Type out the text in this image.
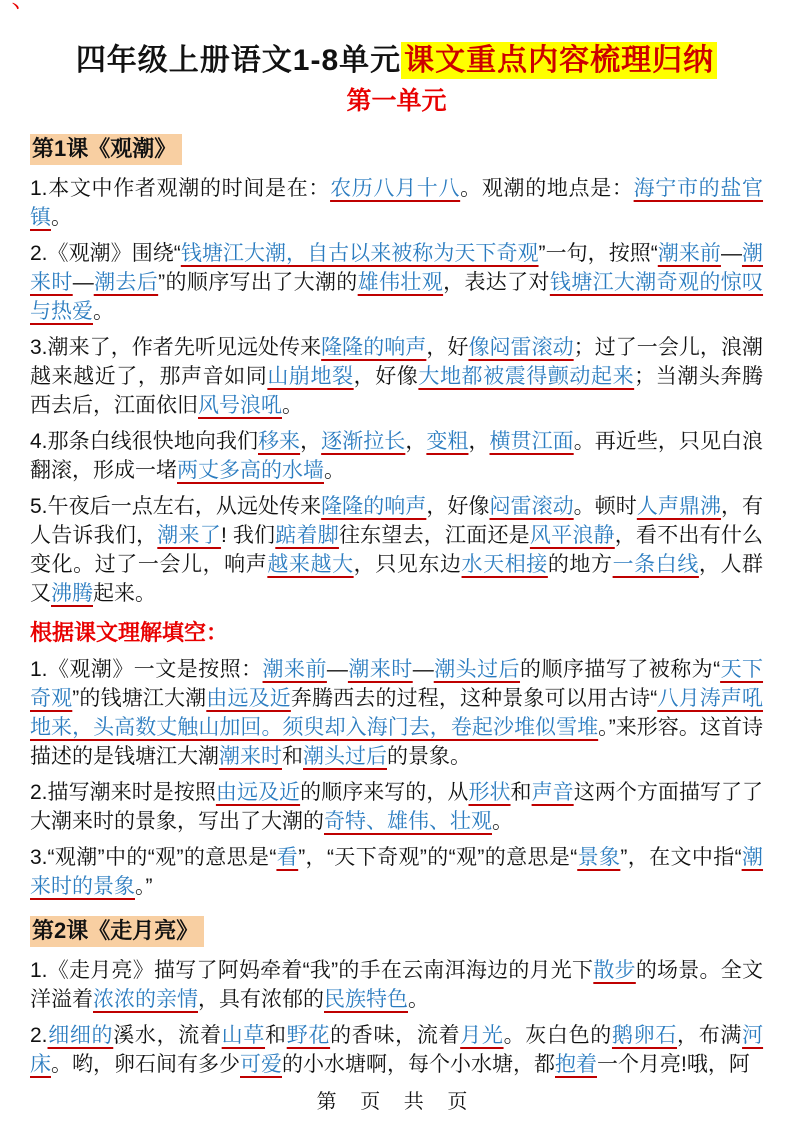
丶
四年级上册语文1-8单元 课文重点内容梳理归纳
第一单元
第1课《观潮》

1.本文中作者观潮的时间是在：农历八月十八。观潮的地点是：海宁市的盐官镇。

2.《观潮》围绕“钱塘江大潮，自古以来被称为天下奇观”一句，按照“潮来前—潮来时—潮去后”的顺序写出了大潮的雄伟壮观，表达了对钱塘江大潮奇观的惊叹与热爱。

3.潮来了，作者先听见远处传来隆隆的响声，好像闷雷滚动；过了一会儿，浪潮越来越近了，那声音如同山崩地裂，好像大地都被震得颤动起来；当潮头奔腾西去后，江面依旧风号浪吼。

4.那条白线很快地向我们移来，逐渐拉长，变粗，横贯江面。再近些，只见白浪翻滚，形成一堵两丈多高的水墙。

5.午夜后一点左右，从远处传来隆隆的响声，好像闷雷滚动。顿时人声鼎沸，有人告诉我们，潮来了! 我们踮着脚往东望去，江面还是风平浪静，看不出有什么变化。过了一会儿，响声越来越大，只见东边水天相接的地方一条白线，人群又沸腾起来。

根据课文理解填空：

1.《观潮》一文是按照：潮来前—潮来时—潮头过后的顺序描写了被称为“天下奇观”的钱塘江大潮由远及近奔腾西去的过程，这种景象可以用古诗“八月涛声吼地来，头高数丈触山加回。须臾却入海门去，卷起沙堆似雪堆。”来形容。这首诗描述的是钱塘江大潮潮来时和潮头过后的景象。

2.描写潮来时是按照由远及近的顺序来写的，从形状和声音这两个方面描写了了大潮来时的景象，写出了大潮的奇特、雄伟、壮观。

3.“观潮”中的“观”的意思是“看”，“天下奇观”的“观”的意思是“景象”，在文中指“潮来时的景象。”

第2课《走月亮》

1.《走月亮》描写了阿妈牵着“我”的手在云南洱海边的月光下散步的场景。全文洋溢着浓浓的亲情，具有浓郁的民族特色。

2.细细的溪水，流着山草和野花的香味，流着月光。灰白色的鹅卵石，布满河床。哟，卵石间有多少可爱的小水塘啊，每个小水塘，都抱着一个月亮!哦，阿

第 页 共 页
